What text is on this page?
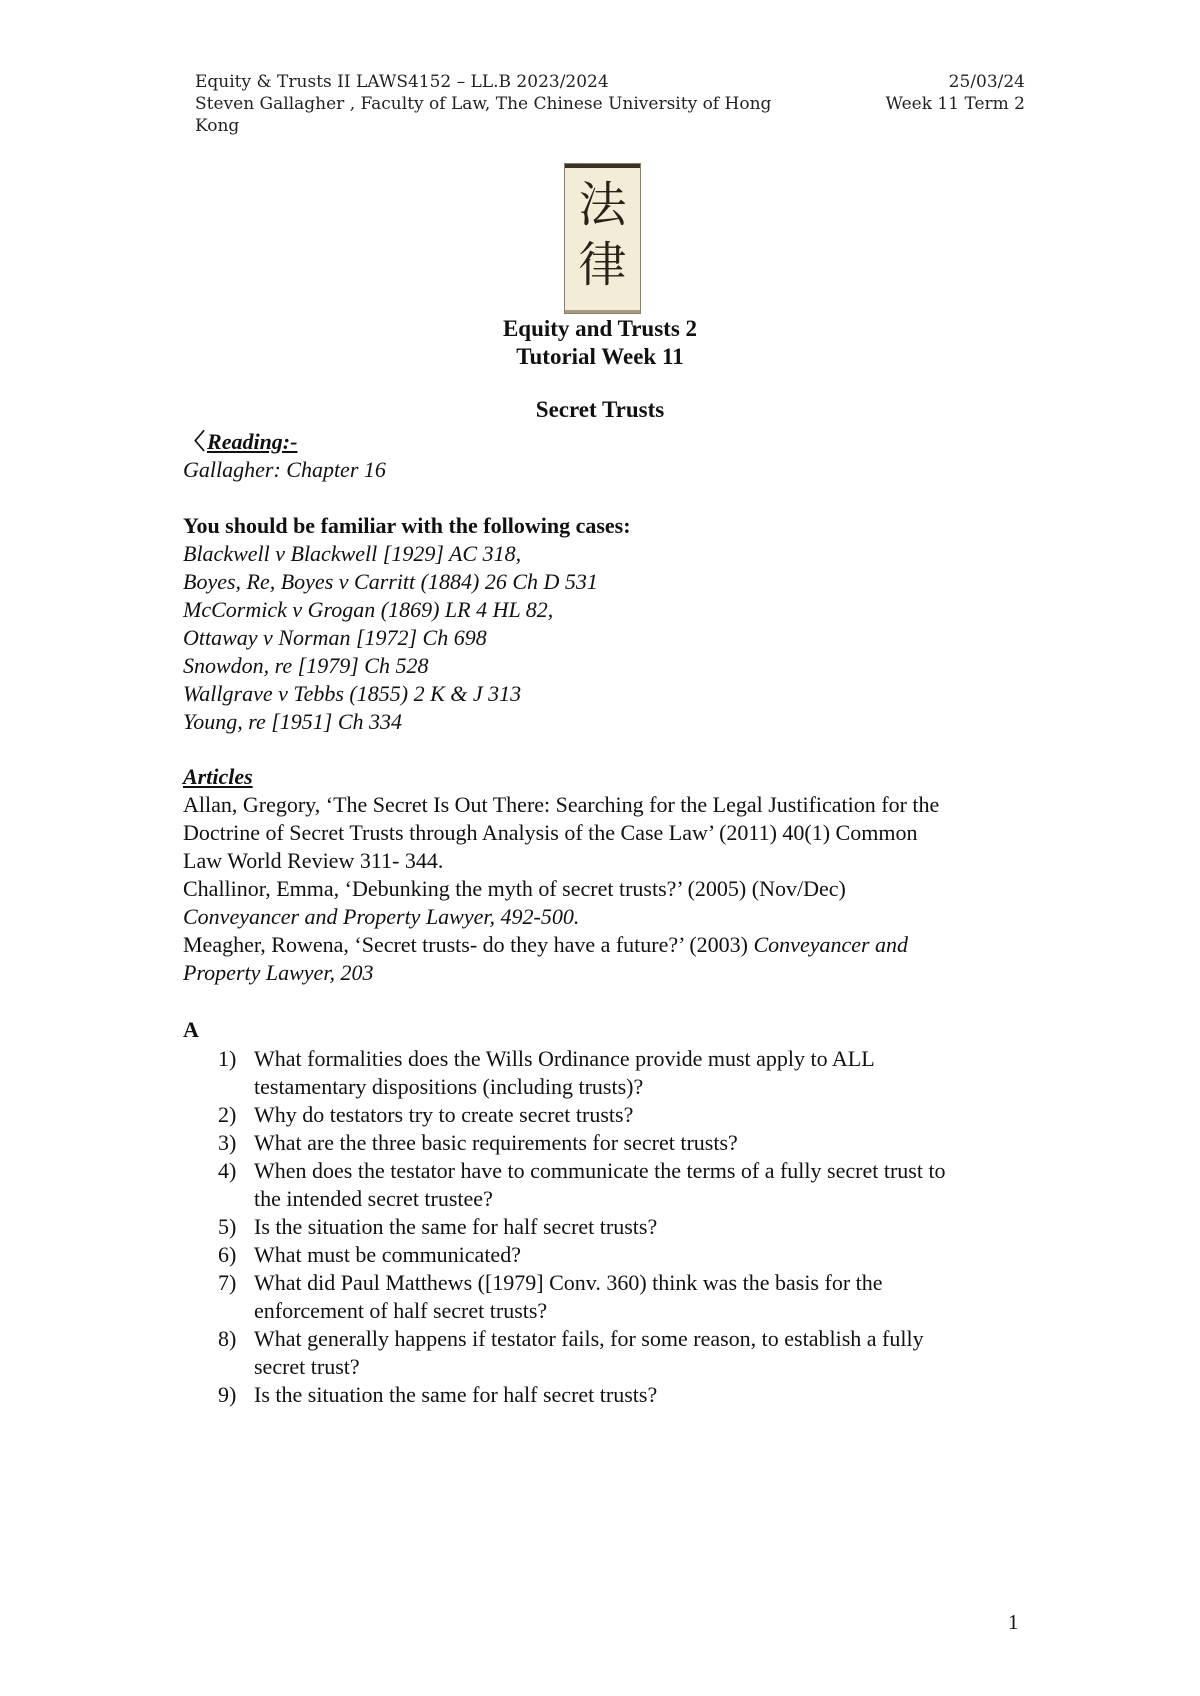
Equity & Trusts II LAWS4152 – LL.B 2023/2024
Steven Gallagher , Faculty of Law, The Chinese University of Hong
Kong
25/03/24
Week 11 Term 2
法
律
Equity and Trusts 2
Tutorial Week 11
Secret Trusts
〈Reading:-
Gallagher: Chapter 16
You should be familiar with the following cases:
Blackwell v Blackwell [1929] AC 318,
Boyes, Re, Boyes v Carritt (1884) 26 Ch D 531
McCormick v Grogan (1869) LR 4 HL 82,
Ottaway v Norman [1972] Ch 698
Snowdon, re [1979] Ch 528
Wallgrave v Tebbs (1855) 2 K & J 313
Young, re [1951] Ch 334
Articles
Allan, Gregory, ‘The Secret Is Out There: Searching for the Legal Justification for the
Doctrine of Secret Trusts through Analysis of the Case Law’ (2011) 40(1) Common
Law World Review 311- 344.
Challinor, Emma, ‘Debunking the myth of secret trusts?’ (2005) (Nov/Dec)
Conveyancer and Property Lawyer, 492-500.
Meagher, Rowena, ‘Secret trusts- do they have a future?’ (2003) Conveyancer and
Property Lawyer, 203
A
1) What formalities does the Wills Ordinance provide must apply to ALL
testamentary dispositions (including trusts)?
2) Why do testators try to create secret trusts?
3) What are the three basic requirements for secret trusts?
4) When does the testator have to communicate the terms of a fully secret trust to
the intended secret trustee?
5) Is the situation the same for half secret trusts?
6) What must be communicated?
7) What did Paul Matthews ([1979] Conv. 360) think was the basis for the
enforcement of half secret trusts?
8) What generally happens if testator fails, for some reason, to establish a fully
secret trust?
9) Is the situation the same for half secret trusts?
1
